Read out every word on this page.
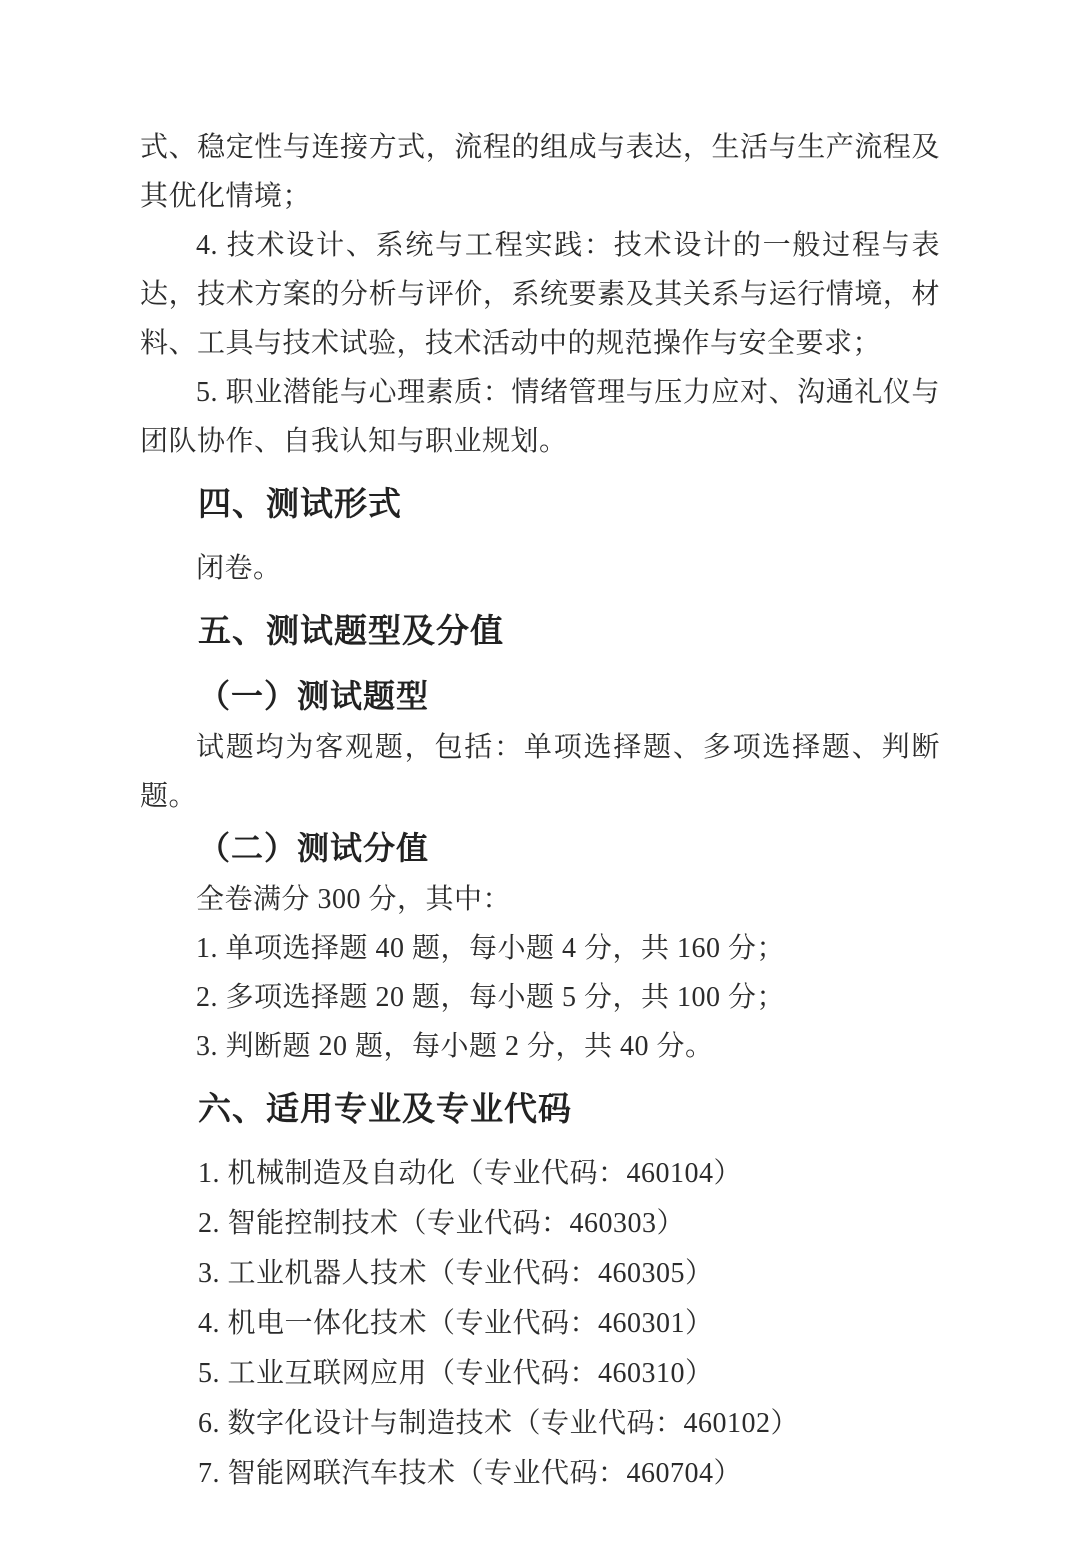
式、稳定性与连接方式，流程的组成与表达，生活与生产流程及其优化情境；

4. 技术设计、系统与工程实践：技术设计的一般过程与表达，技术方案的分析与评价，系统要素及其关系与运行情境，材料、工具与技术试验，技术活动中的规范操作与安全要求；

5. 职业潜能与心理素质：情绪管理与压力应对、沟通礼仪与团队协作、自我认知与职业规划。

四、测试形式

闭卷。

五、测试题型及分值
（一）测试题型

试题均为客观题，包括：单项选择题、多项选择题、判断题。

（二）测试分值

全卷满分 300 分，其中：

1. 单项选择题 40 题，每小题 4 分，共 160 分；

2. 多项选择题 20 题，每小题 5 分，共 100 分；

3. 判断题 20 题，每小题 2 分，共 40 分。

六、适用专业及专业代码

1. 机械制造及自动化（专业代码：460104）

2. 智能控制技术（专业代码：460303）

3. 工业机器人技术（专业代码：460305）

4. 机电一体化技术（专业代码：460301）

5. 工业互联网应用（专业代码：460310）

6. 数字化设计与制造技术（专业代码：460102）

7. 智能网联汽车技术（专业代码：460704）
